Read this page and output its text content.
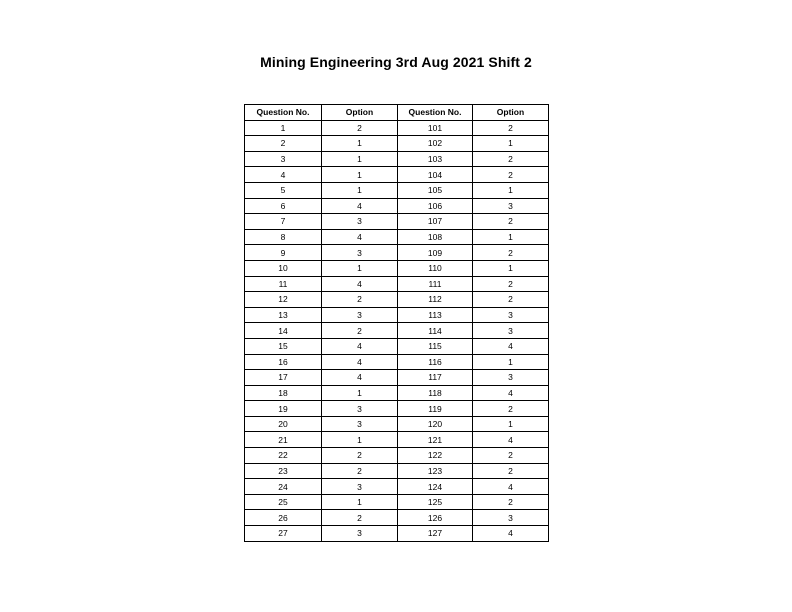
Mining Engineering 3rd Aug 2021 Shift 2
Question No.	Option	Question No.	Option
1	2	101	2
2	1	102	1
3	1	103	2
4	1	104	2
5	1	105	1
6	4	106	3
7	3	107	2
8	4	108	1
9	3	109	2
10	1	110	1
11	4	111	2
12	2	112	2
13	3	113	3
14	2	114	3
15	4	115	4
16	4	116	1
17	4	117	3
18	1	118	4
19	3	119	2
20	3	120	1
21	1	121	4
22	2	122	2
23	2	123	2
24	3	124	4
25	1	125	2
26	2	126	3
27	3	127	4
